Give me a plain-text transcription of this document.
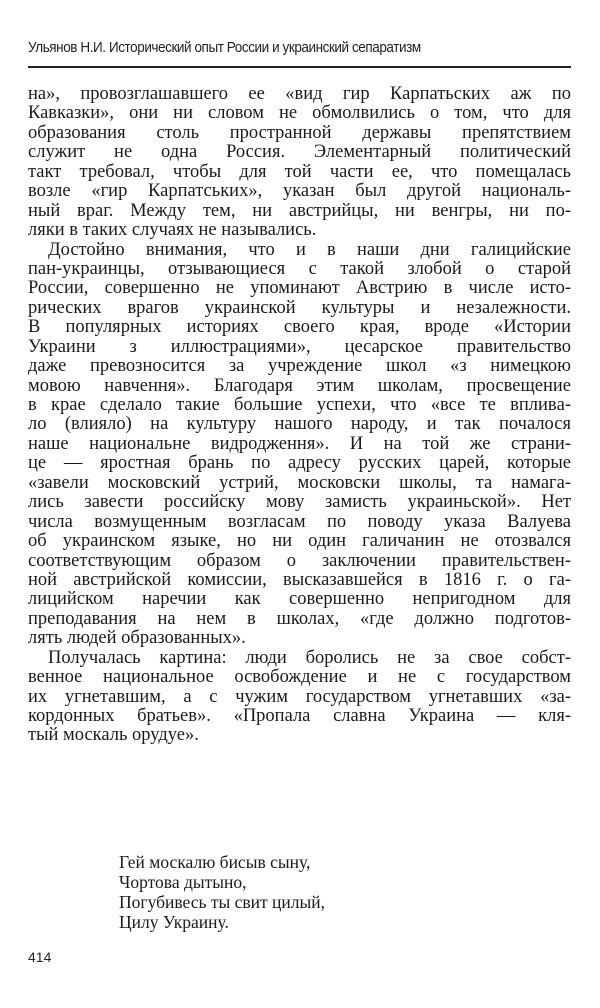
Ульянов Н.И. Исторический опыт России и украинский сепаратизм
на», провозглашавшего ее «вид гир Карпатьских аж по
Кавказки», они ни словом не обмолвились о том, что для
образования столь пространной державы препятствием
служит не одна Россия. Элементарный политический
такт требовал, чтобы для той части ее, что помещалась
возле «гир Карпатських», указан был другой националь-
ный враг. Между тем, ни австрийцы, ни венгры, ни по-
ляки в таких случаях не назывались.
Достойно внимания, что и в наши дни галицийские
пан-украинцы, отзывающиеся с такой злобой о старой
России, совершенно не упоминают Австрию в числе исто-
рических врагов украинской культуры и незалежности.
В популярных историях своего края, вроде «Истории
Украини з иллюстрациями», цесарское правительство
даже превозносится за учреждение школ «з нимецкою
мовою навчення». Благодаря этим школам, просвещение
в крае сделало такие большие успехи, что «все те впливa-
ло (влияло) на культуру нашого народу, и так почалося
наше национальне видродження». И на той же страни-
це — яростная брань по адресу русских царей, которые
«завели московский устрий, московски школы, та намага-
лись завести российску мову замисть украиньской». Нет
числа возмущенным возгласам по поводу указа Валуева
об украинском языке, но ни один галичанин не отозвался
соответствующим образом о заключении правительствен-
ной австрийской комиссии, высказавшейся в 1816 г. о га-
лицийском наречии как совершенно непригодном для
преподавания на нем в школах, «где должно подготов-
лять людей образованных».
Получалась картина: люди боролись не за свое собст-
венное национальное освобождение и не с государством
их угнетавшим, а с чужим государством угнетавших «за-
кордонных братьев». «Пропала славна Украина — кля-
тый москаль орудуе».
Гей москалю бисыв сыну,
Чортова дытыно,
Погубивесь ты свит цилый,
Цилу Украину.
414
